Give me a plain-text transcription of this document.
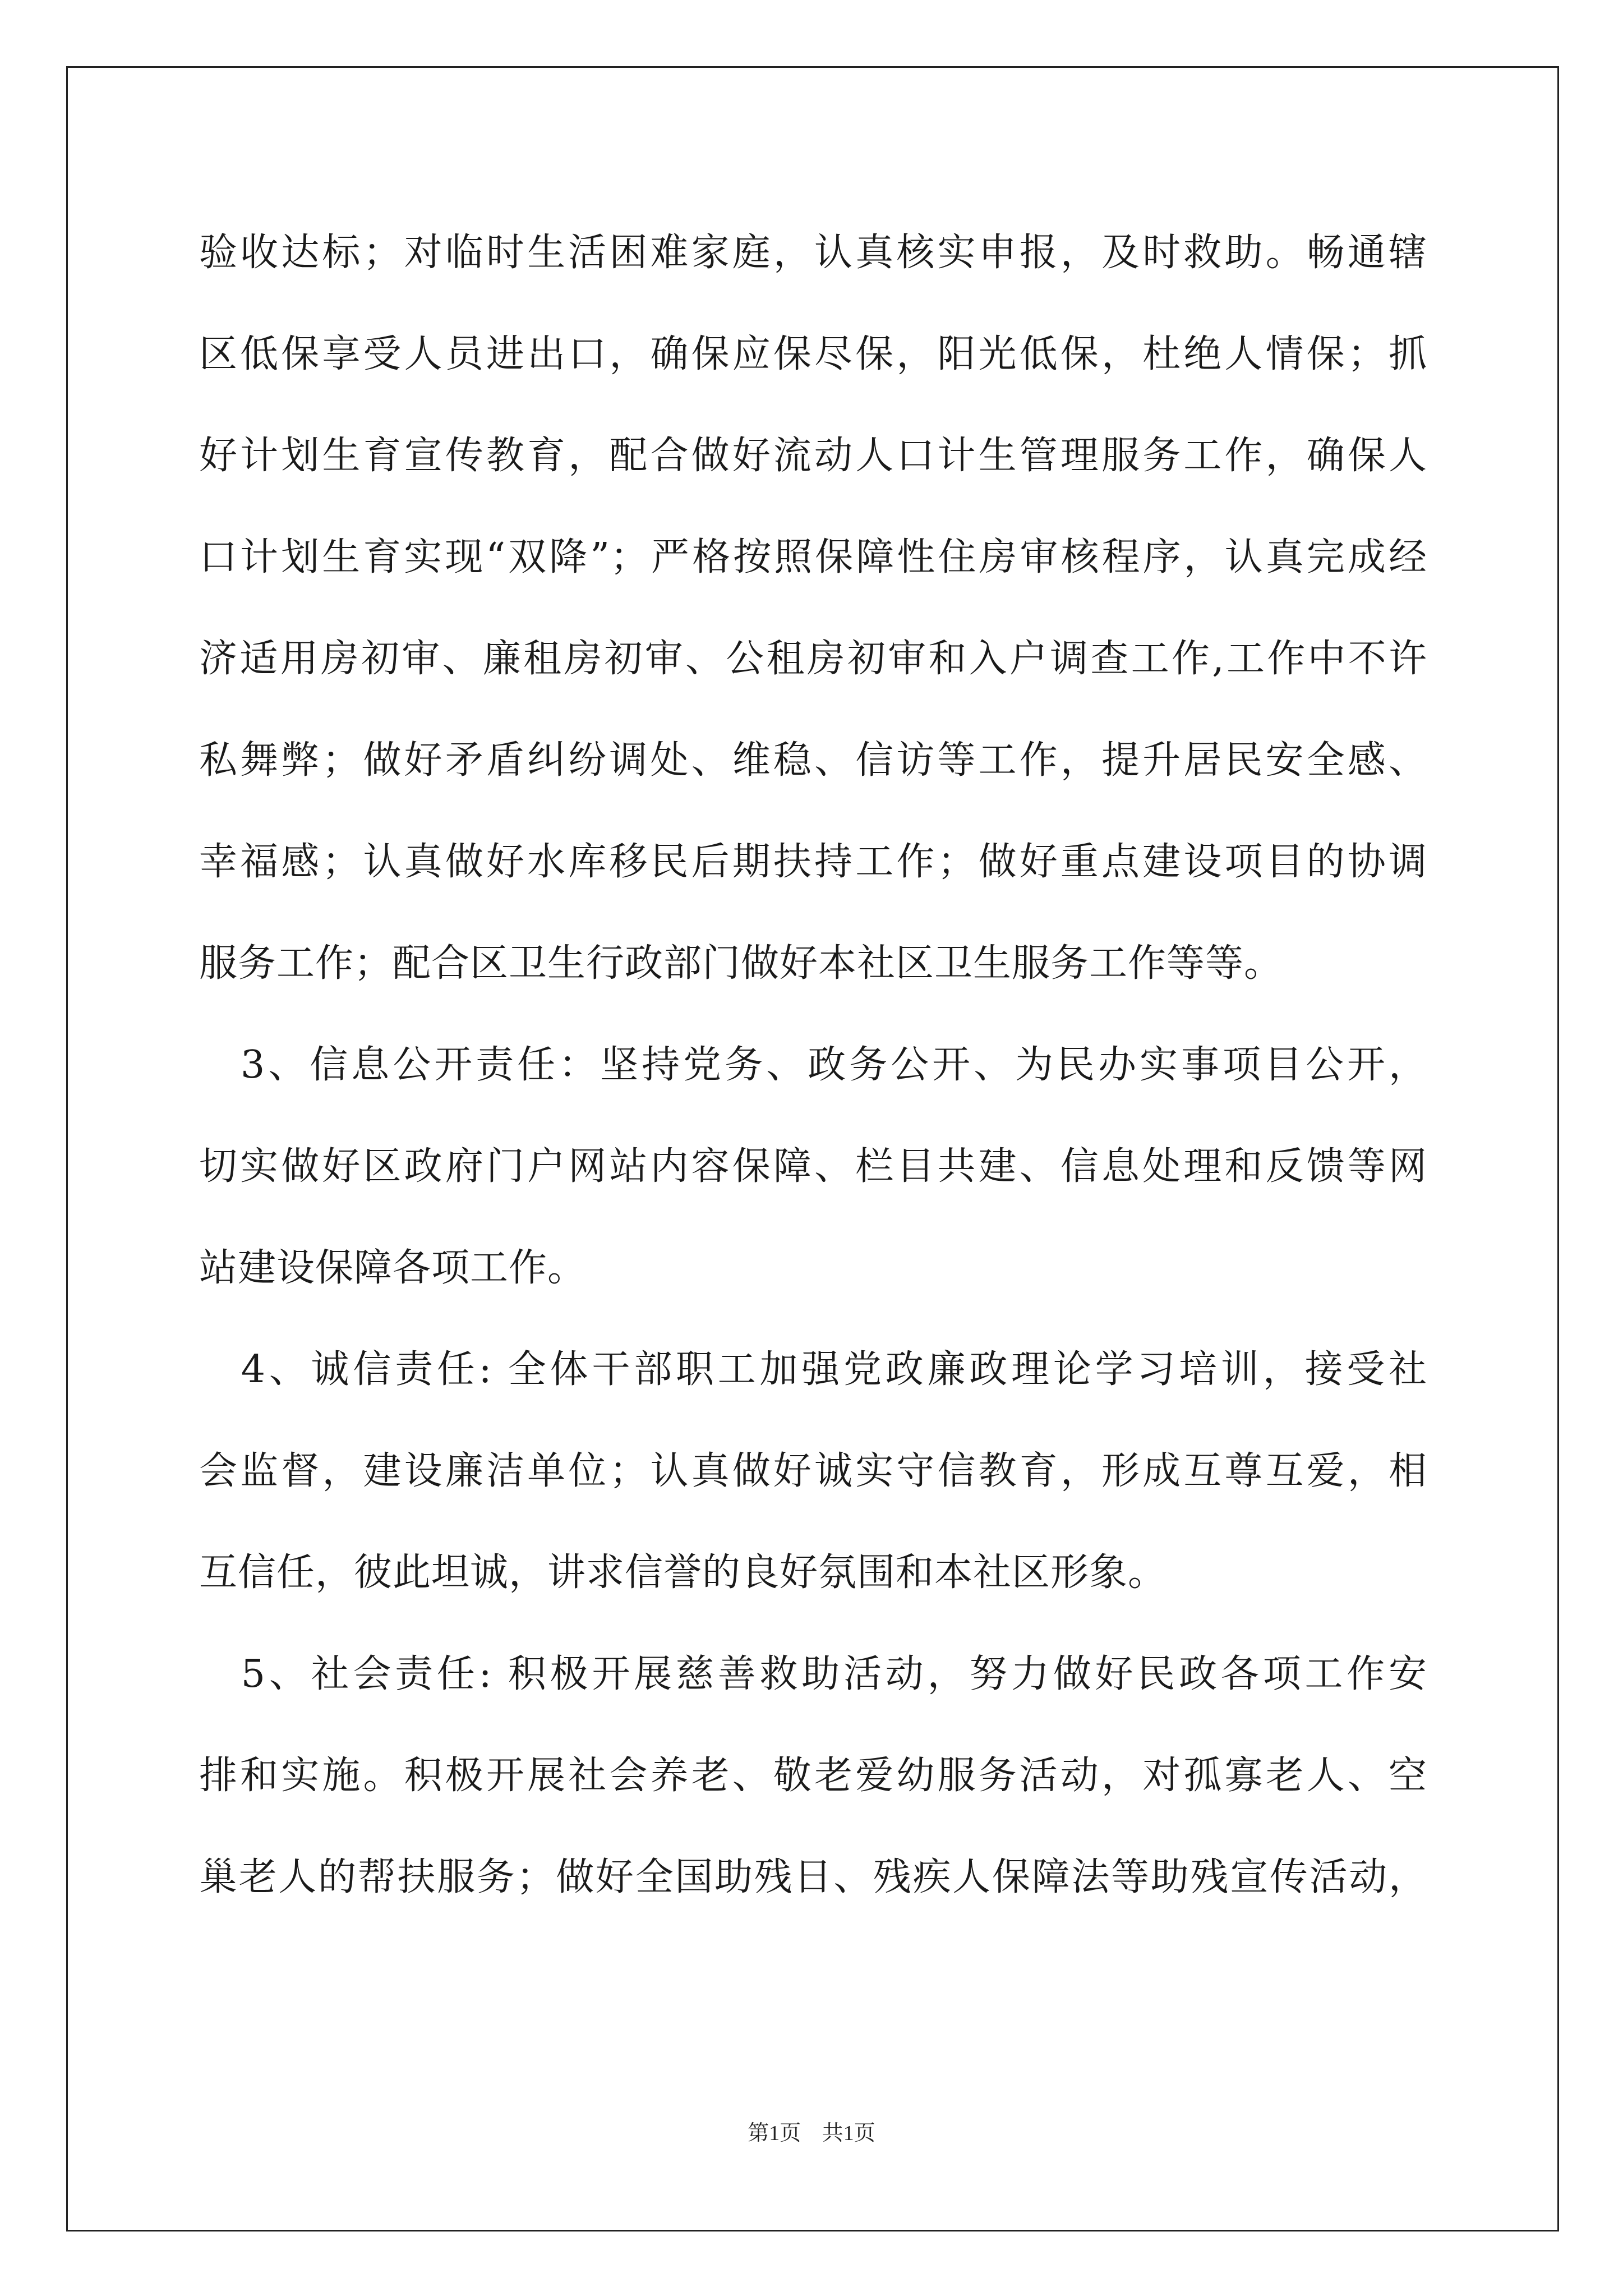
验收达标；对临时生活困难家庭，认真核实申报，及时救助。畅通辖
区低保享受人员进出口，确保应保尽保，阳光低保，杜绝人情保；抓
好计划生育宣传教育，配合做好流动人口计生管理服务工作，确保人
口计划生育实现“双降”；严格按照保障性住房审核程序，认真完成经
济适用房初审、廉租房初审、公租房初审和入户调查工作,工作中不许
私舞弊；做好矛盾纠纷调处、维稳、信访等工作，提升居民安全感、
幸福感；认真做好水库移民后期扶持工作；做好重点建设项目的协调
服务工作；配合区卫生行政部门做好本社区卫生服务工作等等。
　3、信息公开责任：坚持党务、政务公开、为民办实事项目公开，
切实做好区政府门户网站内容保障、栏目共建、信息处理和反馈等网
站建设保障各项工作。
　4、诚信责任: 全体干部职工加强党政廉政理论学习培训，接受社
会监督，建设廉洁单位；认真做好诚实守信教育，形成互尊互爱，相
互信任，彼此坦诚，讲求信誉的良好氛围和本社区形象。
　5、社会责任: 积极开展慈善救助活动，努力做好民政各项工作安
排和实施。积极开展社会养老、敬老爱幼服务活动，对孤寡老人、空
巢老人的帮扶服务；做好全国助残日、残疾人保障法等助残宣传活动，
第1页 共1页
